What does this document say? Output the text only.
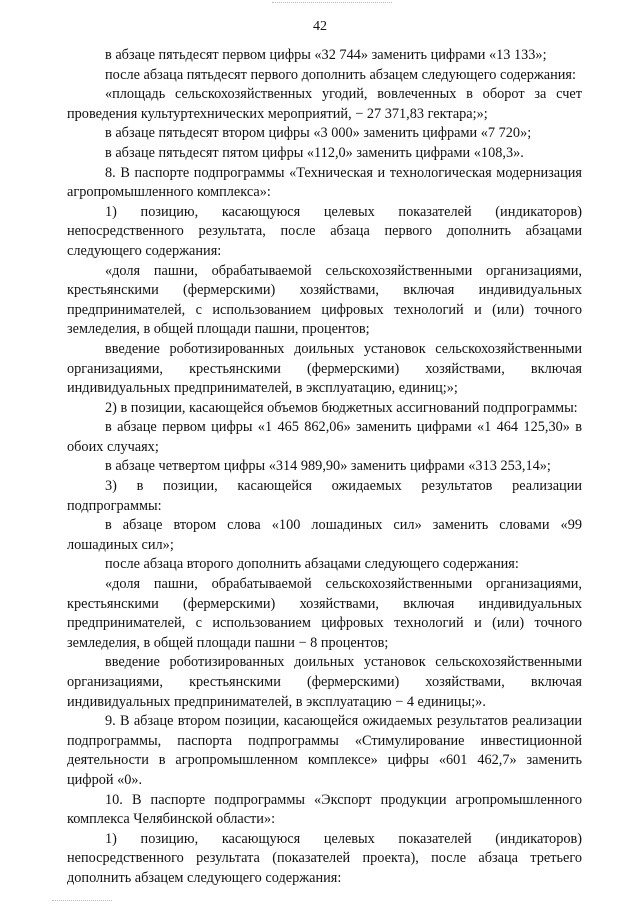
42

в абзаце пятьдесят первом цифры «32 744» заменить цифрами «13 133»;

после абзаца пятьдесят первого дополнить абзацем следующего содержания:

«площадь сельскохозяйственных угодий, вовлеченных в оборот за счет проведения культуртехнических мероприятий, − 27 371,83 гектара;»;

в абзаце пятьдесят втором цифры «3 000» заменить цифрами «7 720»;

в абзаце пятьдесят пятом цифры «112,0» заменить цифрами «108,3».

8. В паспорте подпрограммы «Техническая и технологическая модернизация агропромышленного комплекса»:

1) позицию, касающуюся целевых показателей (индикаторов) непосредственного результата, после абзаца первого дополнить абзацами следующего содержания:

«доля пашни, обрабатываемой сельскохозяйственными организациями, крестьянскими (фермерскими) хозяйствами, включая индивидуальных предпринимателей, с использованием цифровых технологий и (или) точного земледелия, в общей площади пашни, процентов;

введение роботизированных доильных установок сельскохозяйственными организациями, крестьянскими (фермерскими) хозяйствами, включая индивидуальных предпринимателей, в эксплуатацию, единиц;»;

2) в позиции, касающейся объемов бюджетных ассигнований подпрограммы:

в абзаце первом цифры «1 465 862,06» заменить цифрами «1 464 125,30» в обоих случаях;

в абзаце четвертом цифры «314 989,90» заменить цифрами «313 253,14»;

3) в позиции, касающейся ожидаемых результатов реализации подпрограммы:

в абзаце втором слова «100 лошадиных сил» заменить словами «99 лошадиных сил»;

после абзаца второго дополнить абзацами следующего содержания:

«доля пашни, обрабатываемой сельскохозяйственными организациями, крестьянскими (фермерскими) хозяйствами, включая индивидуальных предпринимателей, с использованием цифровых технологий и (или) точного земледелия, в общей площади пашни − 8 процентов;

введение роботизированных доильных установок сельскохозяйственными организациями, крестьянскими (фермерскими) хозяйствами, включая индивидуальных предпринимателей, в эксплуатацию − 4 единицы;».

9. В абзаце втором позиции, касающейся ожидаемых результатов реализации подпрограммы, паспорта подпрограммы «Стимулирование инвестиционной деятельности в агропромышленном комплексе» цифры «601 462,7» заменить цифрой «0».

10. В паспорте подпрограммы «Экспорт продукции агропромышленного комплекса Челябинской области»:

1) позицию, касающуюся целевых показателей (индикаторов) непосредственного результата (показателей проекта), после абзаца третьего дополнить абзацем следующего содержания:
